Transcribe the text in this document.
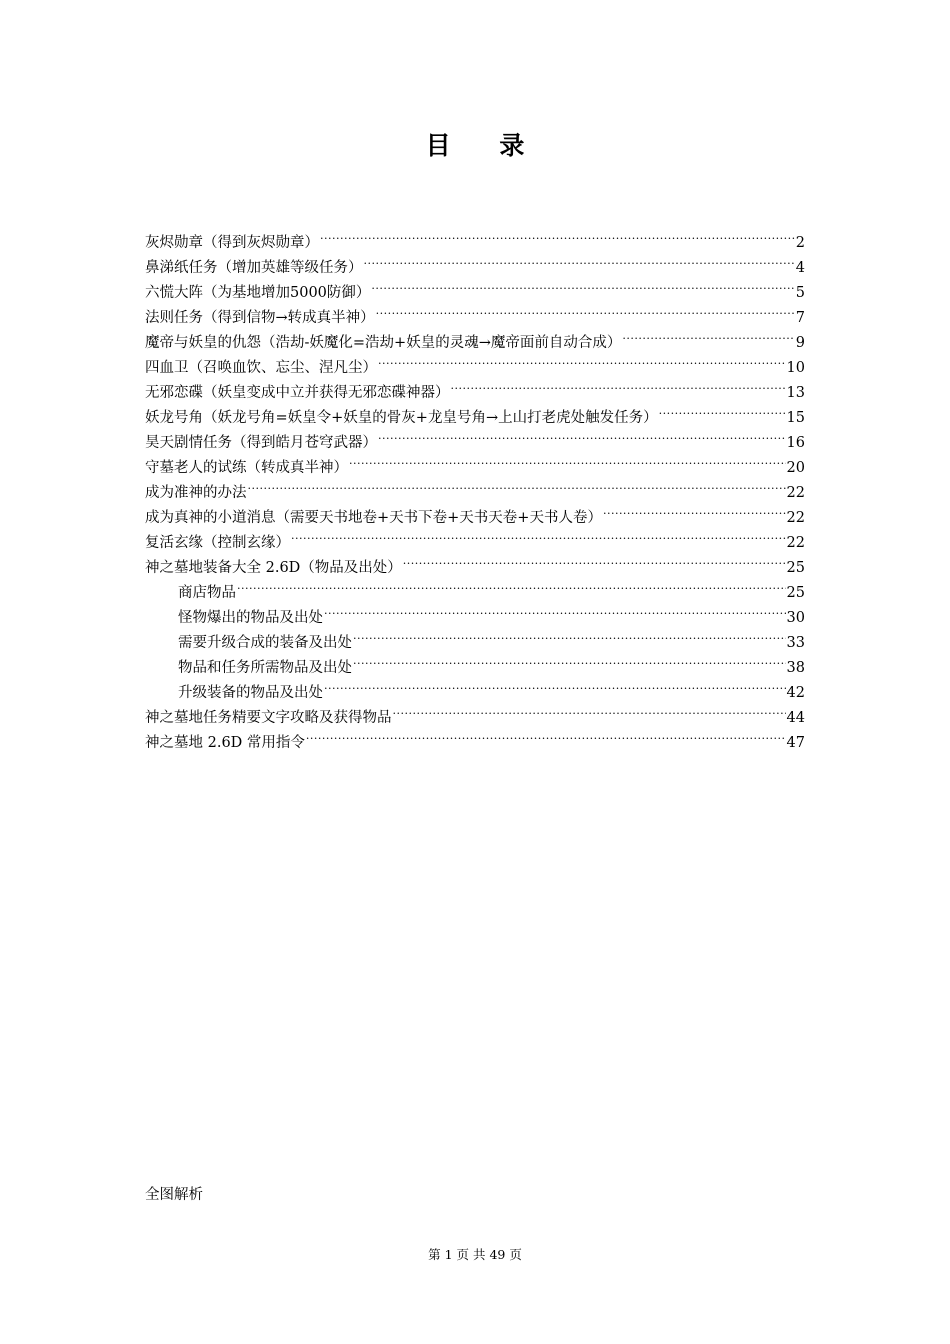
目 录
灰烬勋章（得到灰烬勋章） .....	2
鼻涕纸任务（增加英雄等级任务） .....	4
六慌大阵（为基地增加5000防御） .....	5
法则任务（得到信物→转成真半神） .....	7
魔帝与妖皇的仇怨（浩劫-妖魔化=浩劫+妖皇的灵魂→魔帝面前自动合成） .....	9
四血卫（召唤血饮、忘尘、涅凡尘） .....	10
无邪恋碟（妖皇变成中立并获得无邪恋碟神器） .....	13
妖龙号角（妖龙号角=妖皇令+妖皇的骨灰+龙皇号角→上山打老虎处触发任务） .....	15
昊天剧情任务（得到皓月苍穹武器） .....	16
守墓老人的试练（转成真半神） .....	20
成为准神的办法 .....	22
成为真神的小道消息（需要天书地卷+天书下卷+天书天卷+天书人卷） .....	22
复活玄缘（控制玄缘） .....	22
神之墓地装备大全 2.6D（物品及出处） .....	25
商店物品 .....	25
怪物爆出的物品及出处 .....	30
需要升级合成的装备及出处 .....	33
物品和任务所需物品及出处 .....	38
升级装备的物品及出处 .....	42
神之墓地任务精要文字攻略及获得物品 .....	44
神之墓地 2.6D 常用指令 .....	47
全图解析
第 1 页 共 49 页
